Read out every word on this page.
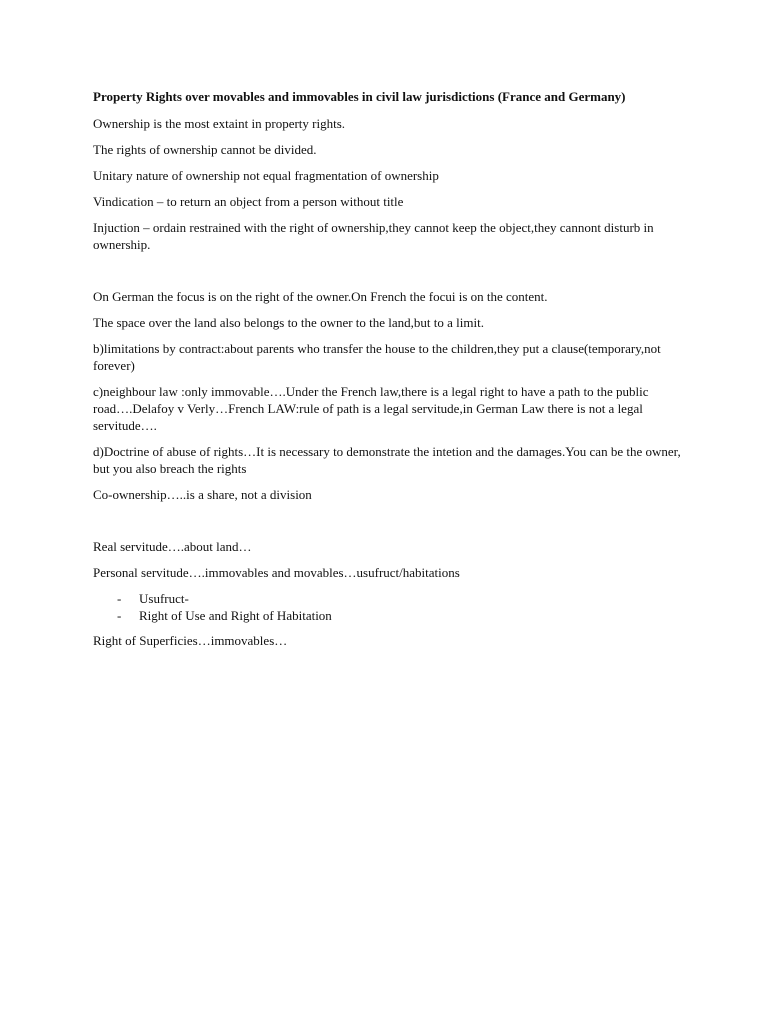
Property Rights over movables and immovables in civil law jurisdictions (France and Germany)

Ownership is the most extaint in property rights.

The rights of ownership cannot be divided.

Unitary nature of ownership not equal fragmentation of ownership

Vindication – to return an object from a person without title

Injuction – ordain restrained with the right of ownership,they cannot keep the object,they cannont disturb in ownership.

On German the focus is on the right of the owner.On French the focui is on the content.

The space over the land also belongs to the owner to the land,but to a limit.

b)limitations by contract:about parents who transfer the house to the children,they put a clause(temporary,not forever)

c)neighbour law :only immovable….Under the French law,there is a legal right to have a path to the public road….Delafoy v Verly…French LAW:rule of path is a legal servitude,in German Law there is not a legal servitude….

d)Doctrine of abuse of rights…It is necessary to demonstrate the intetion and the damages.You can be the owner, but you also breach the rights

Co-ownership…..is a share, not a division

Real servitude….about land…

Personal servitude….immovables and movables…usufruct/habitations

- Usufruct-
- Right of Use and Right of Habitation

Right of Superficies…immovables…
